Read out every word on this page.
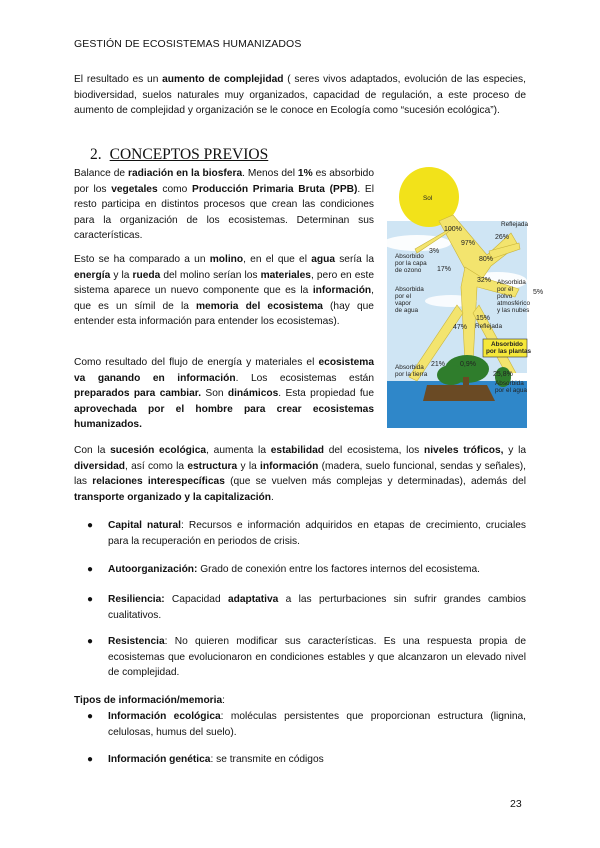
GESTIÓN DE ECOSISTEMAS HUMANIZADOS
El resultado es un aumento de complejidad ( seres vivos adaptados, evolución de las especies, biodiversidad, suelos naturales muy organizados, capacidad de regulación, a este proceso de aumento de complejidad y organización se le conoce en Ecología como “sucesión ecológica”).
2. CONCEPTOS PREVIOS
Balance de radiación en la biosfera. Menos del 1% es absorbido por los vegetales como Producción Primaria Bruta (PPB). El resto participa en distintos procesos que crean las condiciones para la organización de los ecosistemas. Determinan sus características.
Esto se ha comparado a un molino, en el que el agua sería la energía y la rueda del molino serían los materiales, pero en este sistema aparece un nuevo componente que es la información, que es un símil de la memoria del ecosistema (hay que entender esta información para entender los ecosistemas).
Como resultado del flujo de energía y materiales el ecosistema va ganando en información. Los ecosistemas están preparados para cambiar. Son dinámicos. Esta propiedad fue aprovechada por el hombre para crear ecosistemas humanizados.
Sol
100%
97%
3%
17%
80%
Reflejada
26%
32%
5%
15%
Reflejada
47%
21% 0,9%
25,8%
Absorbido
por la capa
de ozono
Absorbida
por el
vapor
de agua
Absorbida
por el
polvo
atmosférico
y las nubes
Absorbido
por las plantas
Absorbida
por la tierra
Absorbida
por el agua
Con la sucesión ecológica, aumenta la estabilidad del ecosistema, los niveles tróficos, y la diversidad, así como la estructura y la información (madera, suelo funcional, sendas y señales), las relaciones interespecíficas (que se vuelven más complejas y determinadas), además del transporte organizado y la capitalización.
● Capital natural: Recursos e información adquiridos en etapas de crecimiento, cruciales para la recuperación en periodos de crisis.
● Autoorganización: Grado de conexión entre los factores internos del ecosistema.
● Resiliencia: Capacidad adaptativa a las perturbaciones sin sufrir grandes cambios cualitativos.
● Resistencia: No quieren modificar sus características. Es una respuesta propia de ecosistemas que evolucionaron en condiciones estables y que alcanzaron un elevado nivel de complejidad.
Tipos de información/memoria:
● Información ecológica: moléculas persistentes que proporcionan estructura (lignina, celulosas, humus del suelo).
● Información genética: se transmite en códigos
23
